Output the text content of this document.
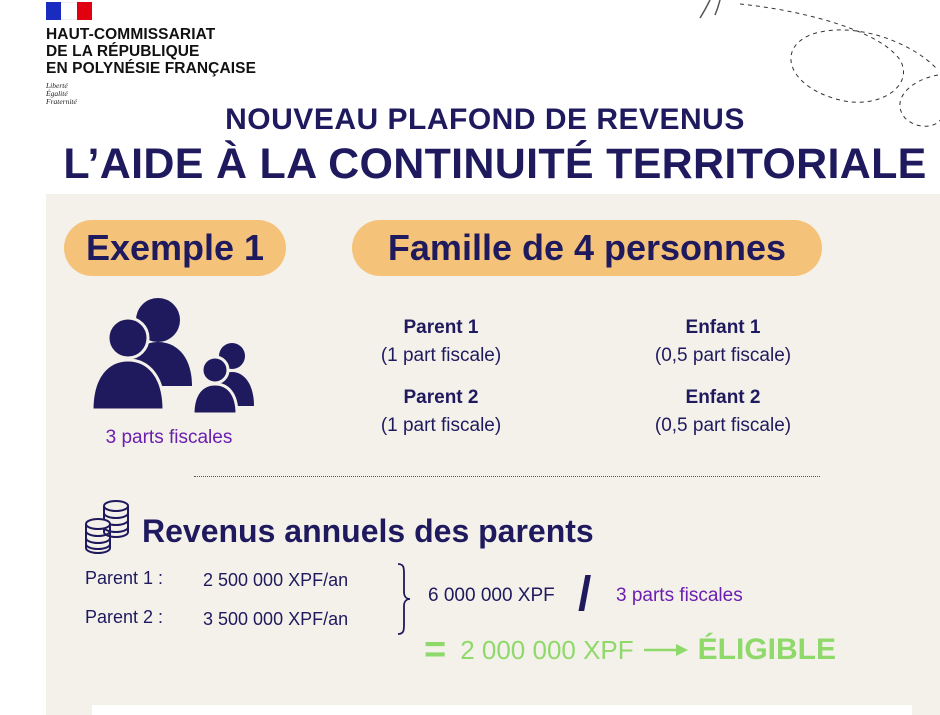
HAUT-COMMISSARIAT
DE LA RÉPUBLIQUE
EN POLYNÉSIE FRANÇAISE
Liberté
Égalité
Fraternité
NOUVEAU PLAFOND DE REVENUS
L’AIDE À LA CONTINUITÉ TERRITORIALE
Exemple 1	Famille de 4 personnes
3 parts fiscales
Parent 1
(1 part fiscale)
Enfant 1
(0,5 part fiscale)
Parent 2
(1 part fiscale)
Enfant 2
(0,5 part fiscale)
Revenus annuels des parents
Parent 1 : 2 500 000 XPF/an
Parent 2 : 3 500 000 XPF/an
6 000 000 XPF / 3 parts fiscales
= 2 000 000 XPF ÉLIGIBLE
